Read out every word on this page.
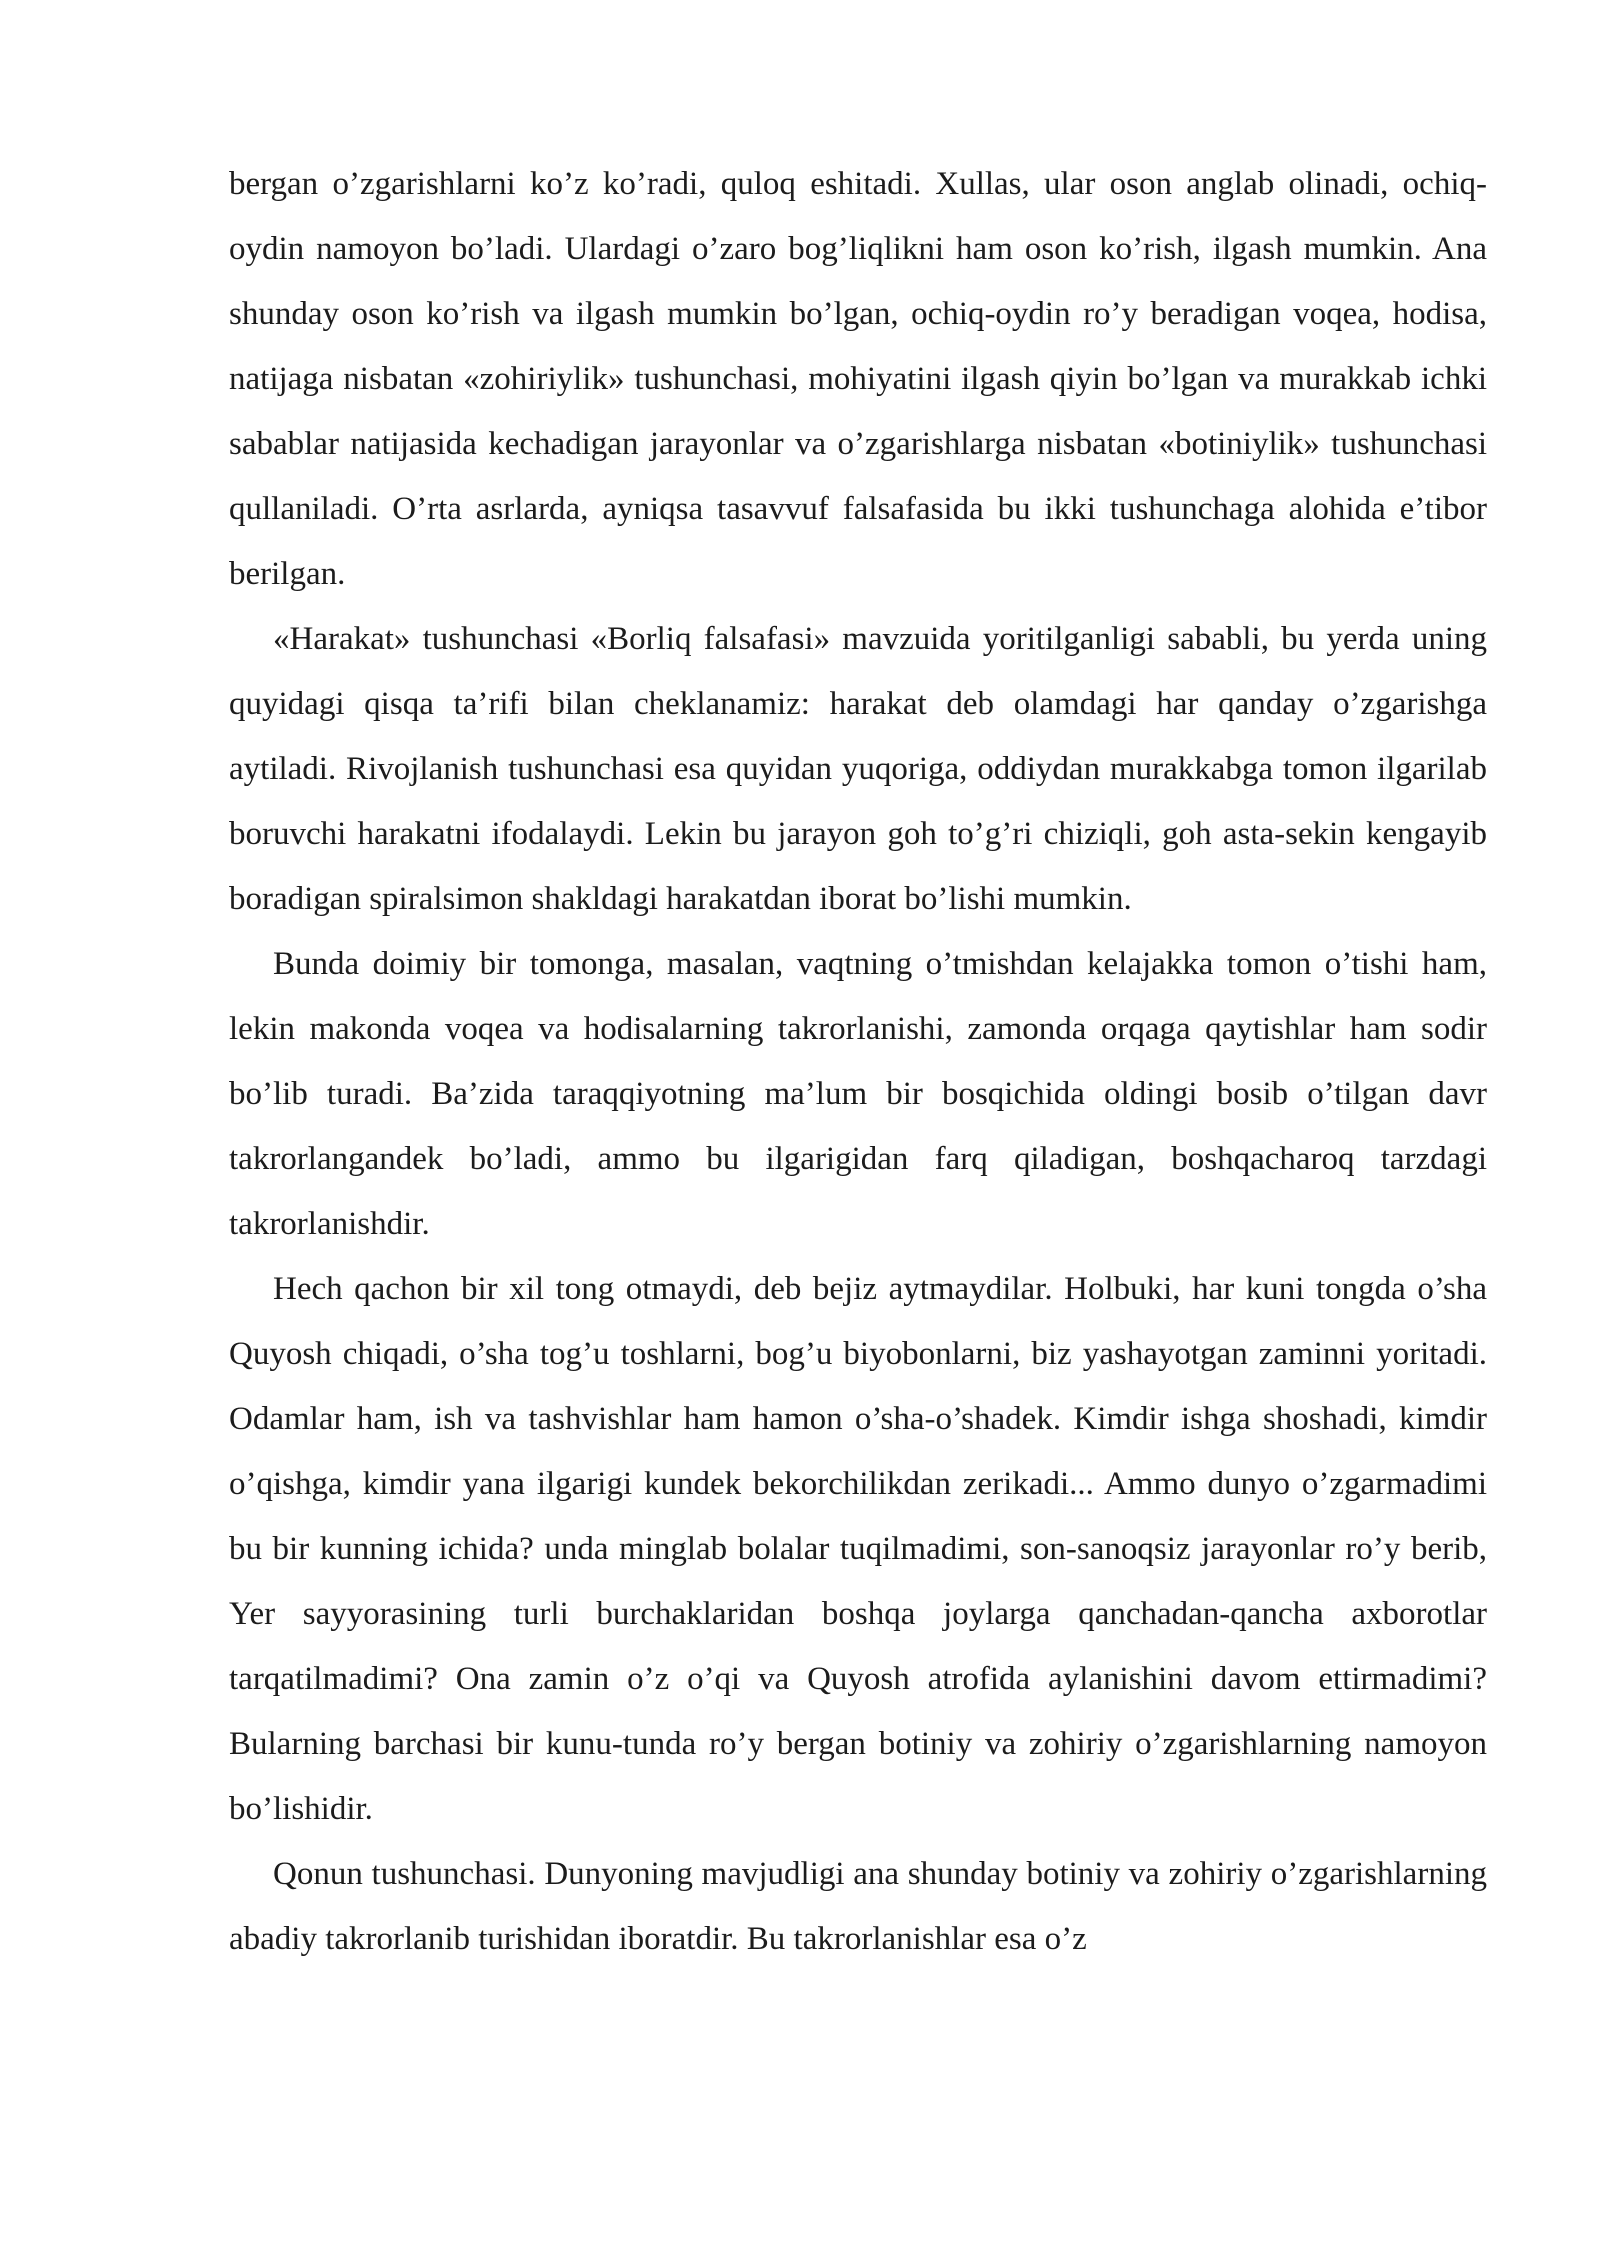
bergan o’zgarishlarni ko’z ko’radi, quloq eshitadi. Xullas, ular oson anglab olinadi, ochiq-oydin namoyon bo’ladi. Ulardagi o’zaro bog’liqlikni ham oson ko’rish, ilgash mumkin. Ana shunday oson ko’rish va ilgash mumkin bo’lgan, ochiq-oydin ro’y beradigan voqea, hodisa, natijaga nisbatan «zohiriylik» tushunchasi, mohiyatini ilgash qiyin bo’lgan va murakkab ichki sabablar natijasida kechadigan jarayonlar va o’zgarishlarga nisbatan «botiniylik» tushunchasi qullaniladi. O’rta asrlarda, ayniqsa tasavvuf falsafasida bu ikki tushunchaga alohida e’tibor berilgan.

«Harakat» tushunchasi «Borliq falsafasi» mavzuida yoritilganligi sababli, bu yerda uning quyidagi qisqa ta’rifi bilan cheklanamiz: harakat deb olamdagi har qanday o’zgarishga aytiladi. Rivojlanish tushunchasi esa quyidan yuqoriga, oddiydan murakkabga tomon ilgarilab boruvchi harakatni ifodalaydi. Lekin bu jarayon goh to’g’ri chiziqli, goh asta-sekin kengayib boradigan spiralsimon shakldagi harakatdan iborat bo’lishi mumkin.

Bunda doimiy bir tomonga, masalan, vaqtning o’tmishdan kelajakka tomon o’tishi ham, lekin makonda voqea va hodisalarning takrorlanishi, zamonda orqaga qaytishlar ham sodir bo’lib turadi. Ba’zida taraqqiyotning ma’lum bir bosqichida oldingi bosib o’tilgan davr takrorlangandek bo’ladi, ammo bu ilgarigidan farq qiladigan, boshqacharoq tarzdagi takrorlanishdir.

Hech qachon bir xil tong otmaydi, deb bejiz aytmaydilar. Holbuki, har kuni tongda o’sha Quyosh chiqadi, o’sha tog’u toshlarni, bog’u biyobonlarni, biz yashayotgan zaminni yoritadi. Odamlar ham, ish va tashvishlar ham hamon o’sha-o’shadek. Kimdir ishga shoshadi, kimdir o’qishga, kimdir yana ilgarigi kundek bekorchilikdan zerikadi... Ammo dunyo o’zgarmadimi bu bir kunning ichida? unda minglab bolalar tuqilmadimi, son-sanoqsiz jarayonlar ro’y berib, Yer sayyorasining turli burchaklaridan boshqa joylarga qanchadan-qancha axborotlar tarqatilmadimi? Ona zamin o’z o’qi va Quyosh atrofida aylanishini davom ettirmadimi? Bularning barchasi bir kunu-tunda ro’y bergan botiniy va zohiriy o’zgarishlarning namoyon bo’lishidir.

Qonun tushunchasi. Dunyoning mavjudligi ana shunday botiniy va zohiriy o’zgarishlarning abadiy takrorlanib turishidan iboratdir. Bu takrorlanishlar esa o’z
